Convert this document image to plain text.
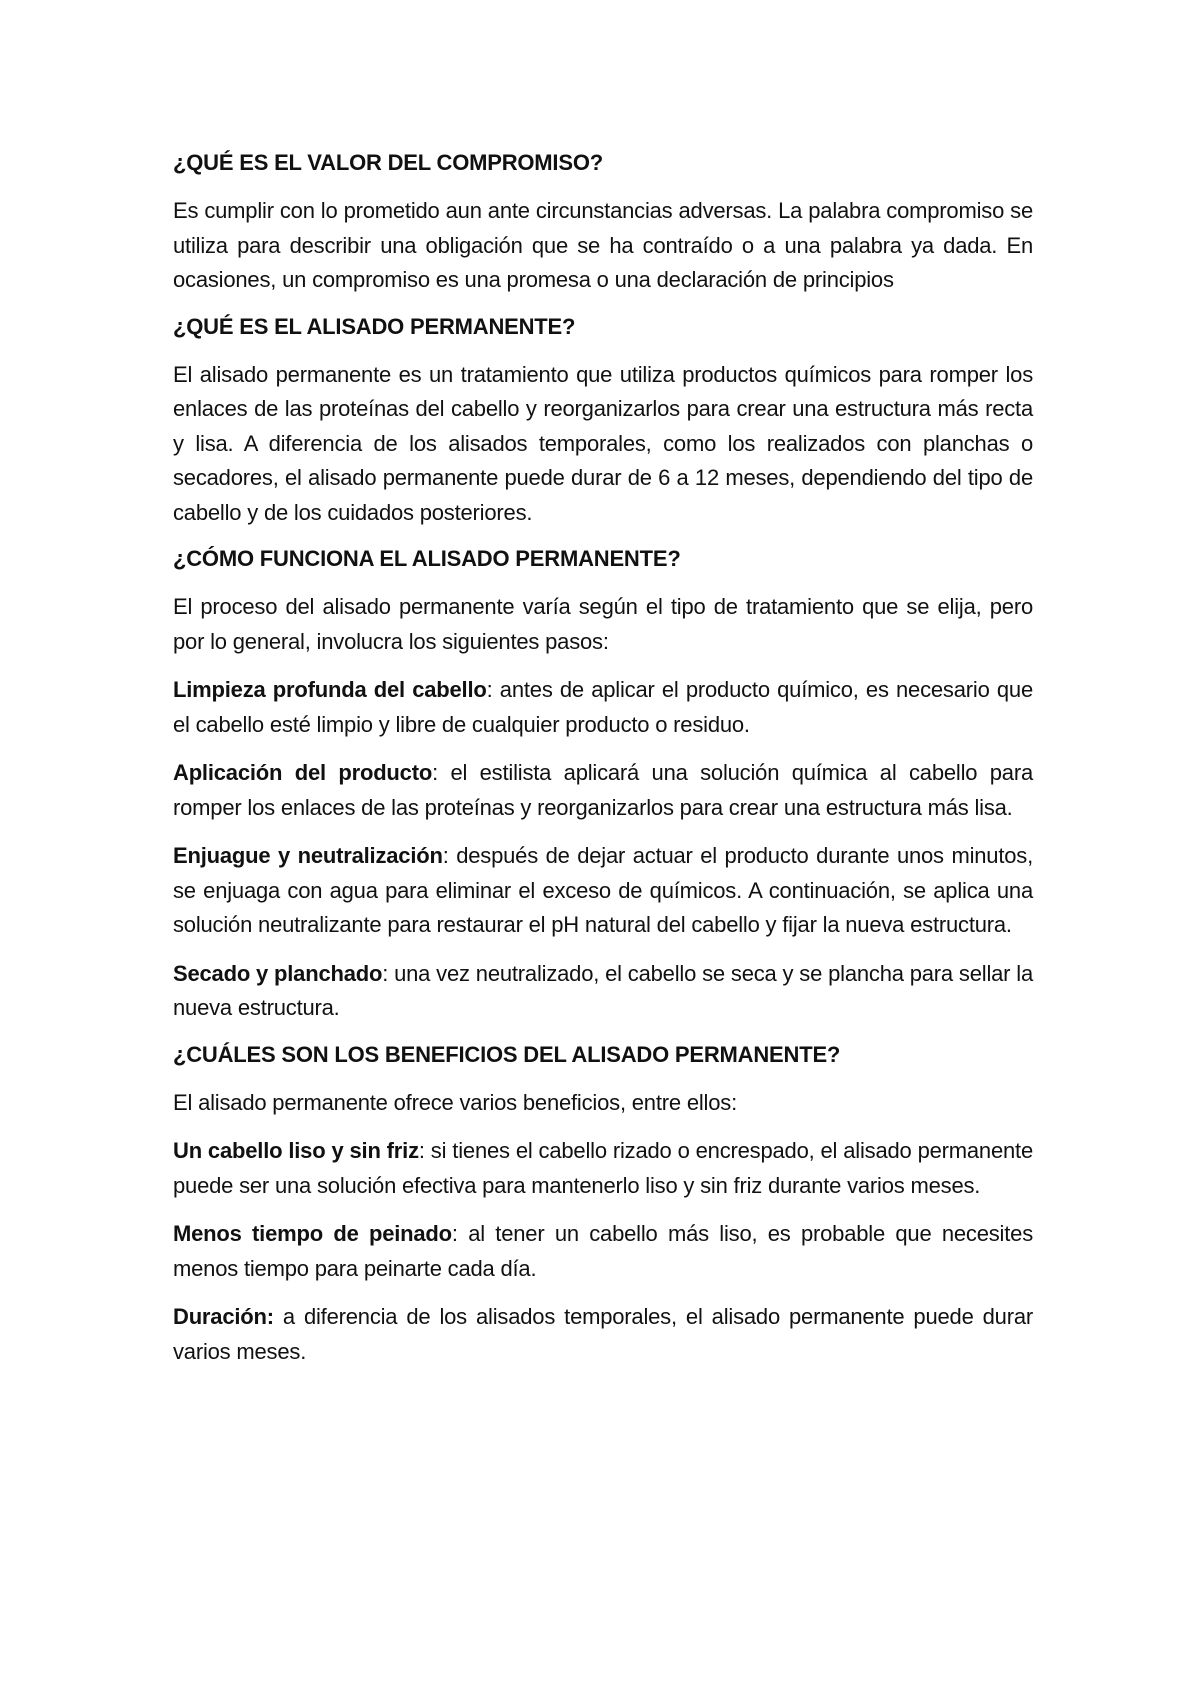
¿QUÉ ES EL VALOR DEL COMPROMISO?

Es cumplir con lo prometido aun ante circunstancias adversas. La palabra compromiso se utiliza para describir una obligación que se ha contraído o a una palabra ya dada. En ocasiones, un compromiso es una promesa o una declaración de principios

¿QUÉ ES EL ALISADO PERMANENTE?

El alisado permanente es un tratamiento que utiliza productos químicos para romper los enlaces de las proteínas del cabello y reorganizarlos para crear una estructura más recta y lisa. A diferencia de los alisados temporales, como los realizados con planchas o secadores, el alisado permanente puede durar de 6 a 12 meses, dependiendo del tipo de cabello y de los cuidados posteriores.

¿CÓMO FUNCIONA EL ALISADO PERMANENTE?

El proceso del alisado permanente varía según el tipo de tratamiento que se elija, pero por lo general, involucra los siguientes pasos:

Limpieza profunda del cabello: antes de aplicar el producto químico, es necesario que el cabello esté limpio y libre de cualquier producto o residuo.

Aplicación del producto: el estilista aplicará una solución química al cabello para romper los enlaces de las proteínas y reorganizarlos para crear una estructura más lisa.

Enjuague y neutralización: después de dejar actuar el producto durante unos minutos, se enjuaga con agua para eliminar el exceso de químicos. A continuación, se aplica una solución neutralizante para restaurar el pH natural del cabello y fijar la nueva estructura.

Secado y planchado: una vez neutralizado, el cabello se seca y se plancha para sellar la nueva estructura.

¿CUÁLES SON LOS BENEFICIOS DEL ALISADO PERMANENTE?

El alisado permanente ofrece varios beneficios, entre ellos:

Un cabello liso y sin friz: si tienes el cabello rizado o encrespado, el alisado permanente puede ser una solución efectiva para mantenerlo liso y sin friz durante varios meses.

Menos tiempo de peinado: al tener un cabello más liso, es probable que necesites menos tiempo para peinarte cada día.

Duración: a diferencia de los alisados temporales, el alisado permanente puede durar varios meses.
